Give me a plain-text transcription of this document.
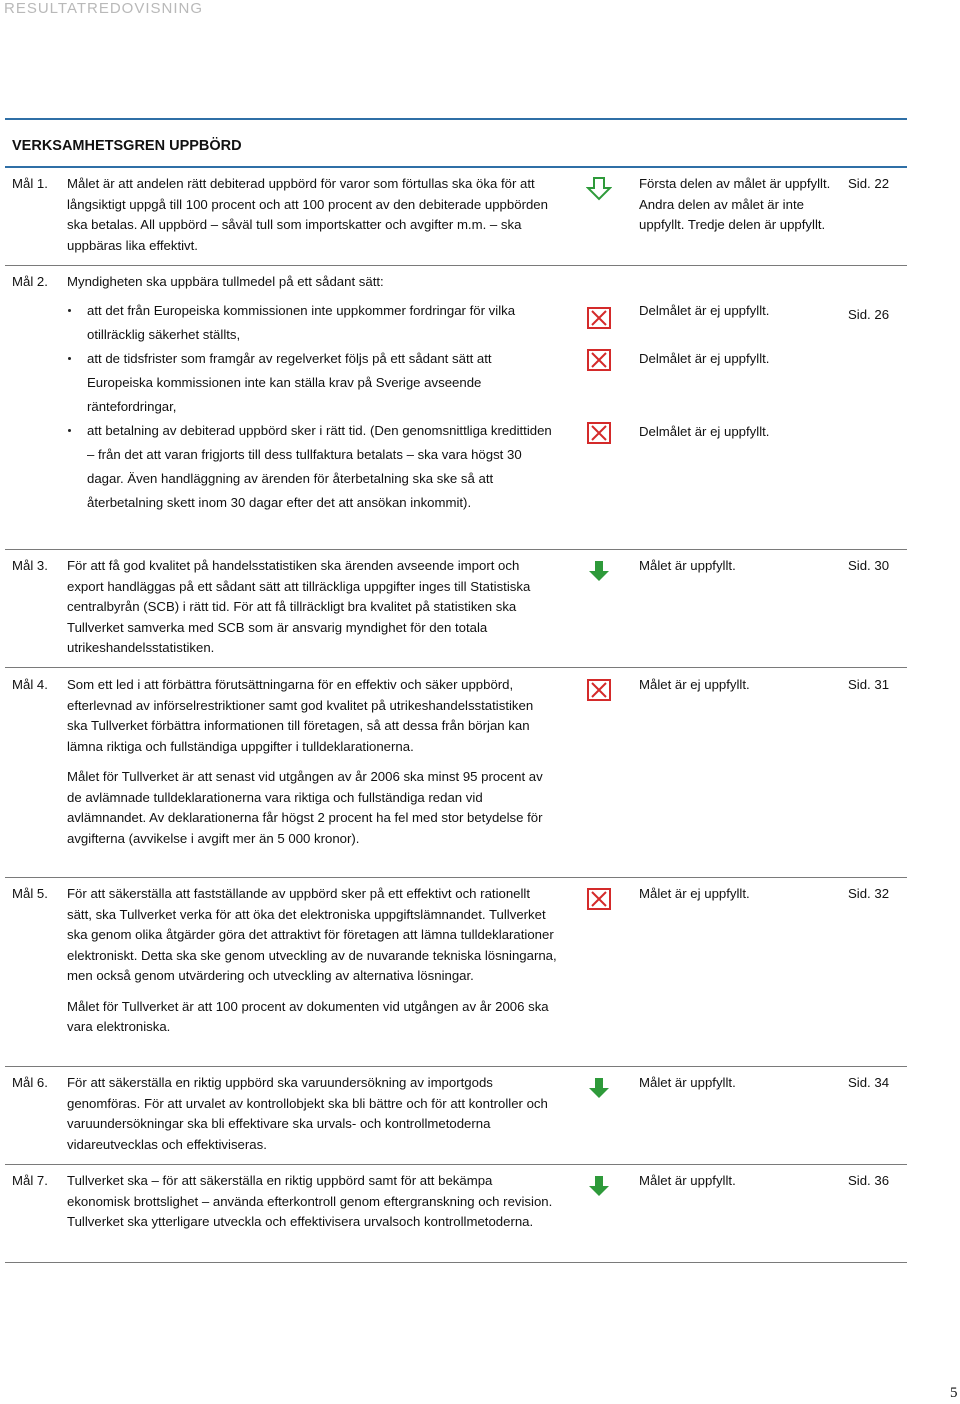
RESULTATREDOVISNING
VERKSAMHETSGREN UPPBÖRD
Mål 1. Målet är att andelen rätt debiterad uppbörd för varor som förtullas ska öka för att långsiktigt uppgå till 100 procent och att 100 procent av den debiterade uppbörden ska betalas. All uppbörd – såväl tull som importskatter och avgifter m.m. – ska uppbäras lika effektivt.
Första delen av målet är uppfyllt. Andra delen av målet är inte uppfyllt. Tredje delen är uppfyllt.
Sid. 22
Mål 2. Myndigheten ska uppbära tullmedel på ett sådant sätt:
att det från Europeiska kommissionen inte uppkommer fordringar för vilka otillräcklig säkerhet ställts,
att de tidsfrister som framgår av regelverket följs på ett sådant sätt att Europeiska kommissionen inte kan ställa krav på Sverige avseende räntefordringar,
att betalning av debiterad uppbörd sker i rätt tid. (Den genomsnittliga kredittiden – från det att varan frigjorts till dess tullfaktura betalats – ska vara högst 30 dagar. Även handläggning av ärenden för återbetalning ska ske så att återbetalning skett inom 30 dagar efter det att ansökan inkommit).
Delmålet är ej uppfyllt.
Delmålet är ej uppfyllt.
Delmålet är ej uppfyllt.
Sid. 26
Mål 3. För att få god kvalitet på handelsstatistiken ska ärenden avseende import och export handläggas på ett sådant sätt att tillräckliga uppgifter inges till Statistiska centralbyrån (SCB) i rätt tid. För att få tillräckligt bra kvalitet på statistiken ska Tullverket samverka med SCB som är ansvarig myndighet för den totala utrikeshandelsstatistiken.
Målet är uppfyllt.	Sid. 30
Mål 4. Som ett led i att förbättra förutsättningarna för en effektiv och säker uppbörd, efterlevnad av införselrestriktioner samt god kvalitet på utrikeshandelsstatistiken ska Tullverket förbättra informationen till företagen, så att dessa från början kan lämna riktiga och fullständiga uppgifter i tulldeklarationerna.

Målet för Tullverket är att senast vid utgången av år 2006 ska minst 95 procent av de avlämnade tulldeklarationerna vara riktiga och fullständiga redan vid avlämnandet. Av deklarationerna får högst 2 procent ha fel med stor betydelse för avgifterna (avvikelse i avgift mer än 5 000 kronor).

Målet är ej uppfyllt.	Sid. 31
Mål 5. För att säkerställa att fastställande av uppbörd sker på ett effektivt och rationellt sätt, ska Tullverket verka för att öka det elektroniska uppgiftslämnandet. Tullverket ska genom olika åtgärder göra det attraktivt för företagen att lämna tulldeklarationer elektroniskt. Detta ska ske genom utveckling av de nuvarande tekniska lösningarna, men också genom utvärdering och utveckling av alternativa lösningar.

Målet för Tullverket är att 100 procent av dokumenten vid utgången av år 2006 ska vara elektroniska.

Målet är ej uppfyllt.	Sid. 32
Mål 6. För att säkerställa en riktig uppbörd ska varuundersökning av importgods genomföras. För att urvalet av kontrollobjekt ska bli bättre och för att kontroller och varuundersökningar ska bli effektivare ska urvals- och kontrollmetoderna vidareutvecklas och effektiviseras.
Målet är uppfyllt.	Sid. 34
Mål 7. Tullverket ska – för att säkerställa en riktig uppbörd samt för att bekämpa ekonomisk brottslighet – använda efterkontroll genom eftergranskning och revision. Tullverket ska ytterligare utveckla och effektivisera urvalsoch kontrollmetoderna.
Målet är uppfyllt.	Sid. 36
5
